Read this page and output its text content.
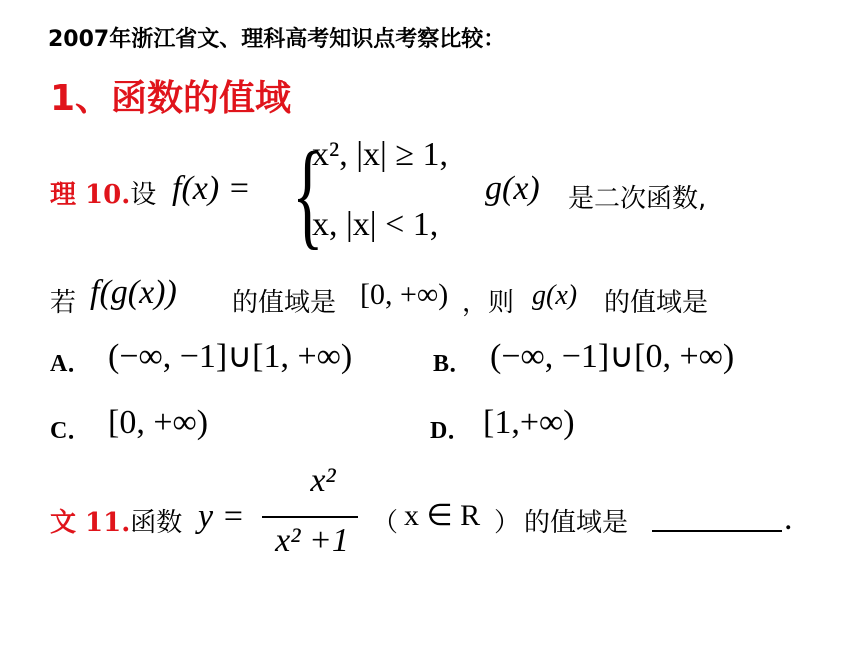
2007年浙江省文、理科高考知识点考察比较：
1、函数的值域
理 10.设 f(x) = {
x², |x| ≥ 1,
x, |x| < 1,
g(x) 是二次函数,
若 f(g(x)) 的值域是 [0, +∞) ，则 g(x) 的值域是
A． (−∞, −1]∪[1, +∞)	B． (−∞, −1]∪[0, +∞)
C． [0, +∞)	D． [1,+∞)
文 11.函数 y =
x²
x² +1 （ x ∈ R ） 的值域是	.
